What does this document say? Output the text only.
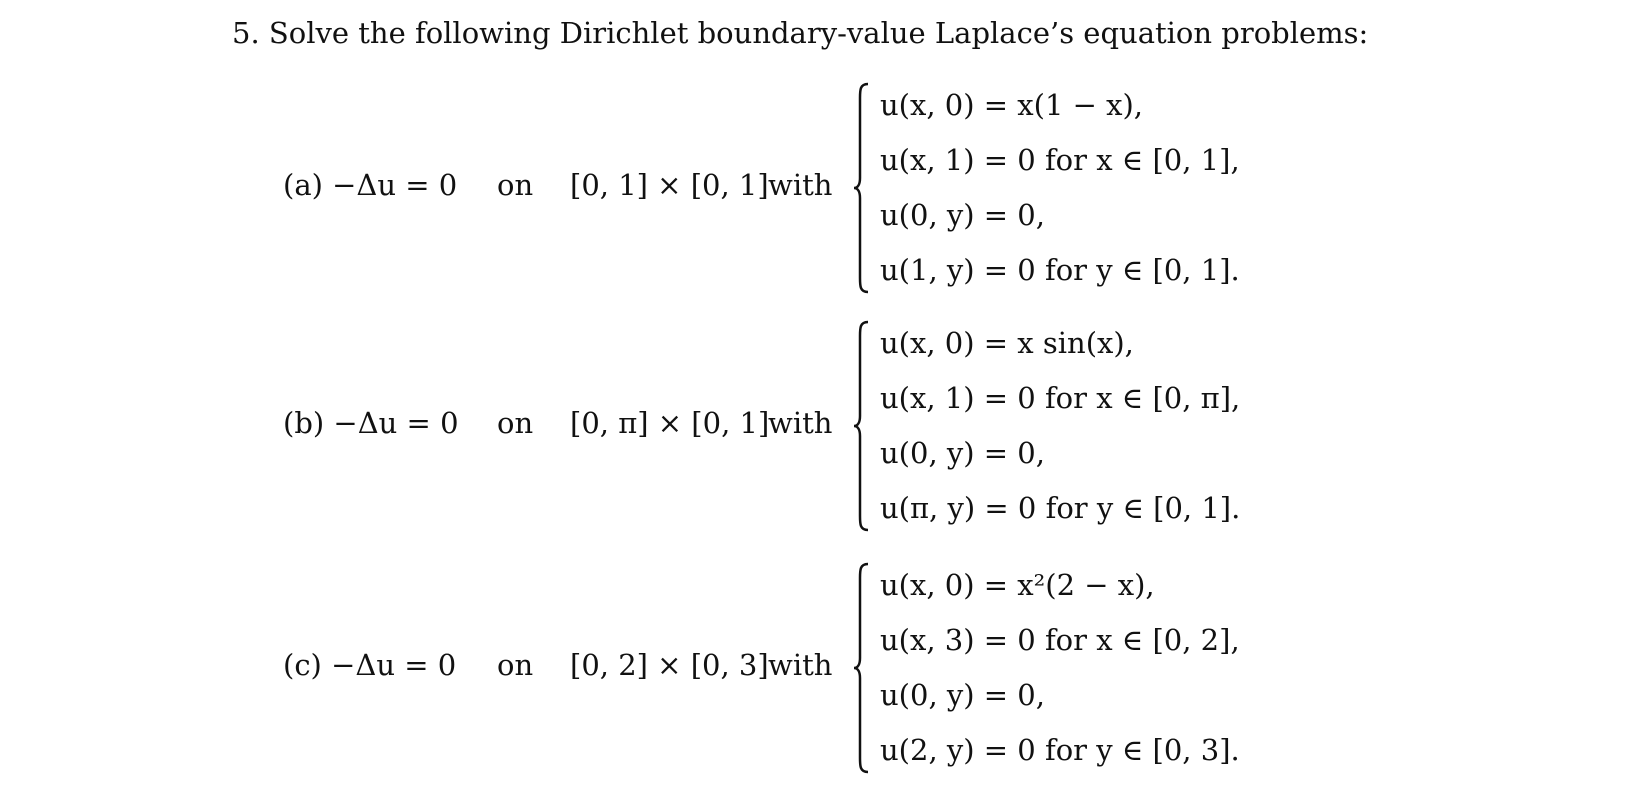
5. Solve the following Dirichlet boundary-value Laplace’s equation problems:
(a) −Δu = 0 on [0, 1] × [0, 1] with
u(x, 0) = x(1 − x),
u(x, 1) = 0 for x ∈ [0, 1],
u(0, y) = 0,
u(1, y) = 0 for y ∈ [0, 1].
(b) −Δu = 0 on [0, π] × [0, 1]
with
u(x, 0) = x sin(x),
u(x, 1) = 0 for x ∈ [0, π],
u(0, y) = 0,
u(π, y) = 0 for y ∈ [0, 1].
(c) −Δu = 0 on [0, 2] × [0, 3] with
u(x, 0) = x²(2 − x),
u(x, 3) = 0 for x ∈ [0, 2],
u(0, y) = 0,
u(2, y) = 0 for y ∈ [0, 3].
